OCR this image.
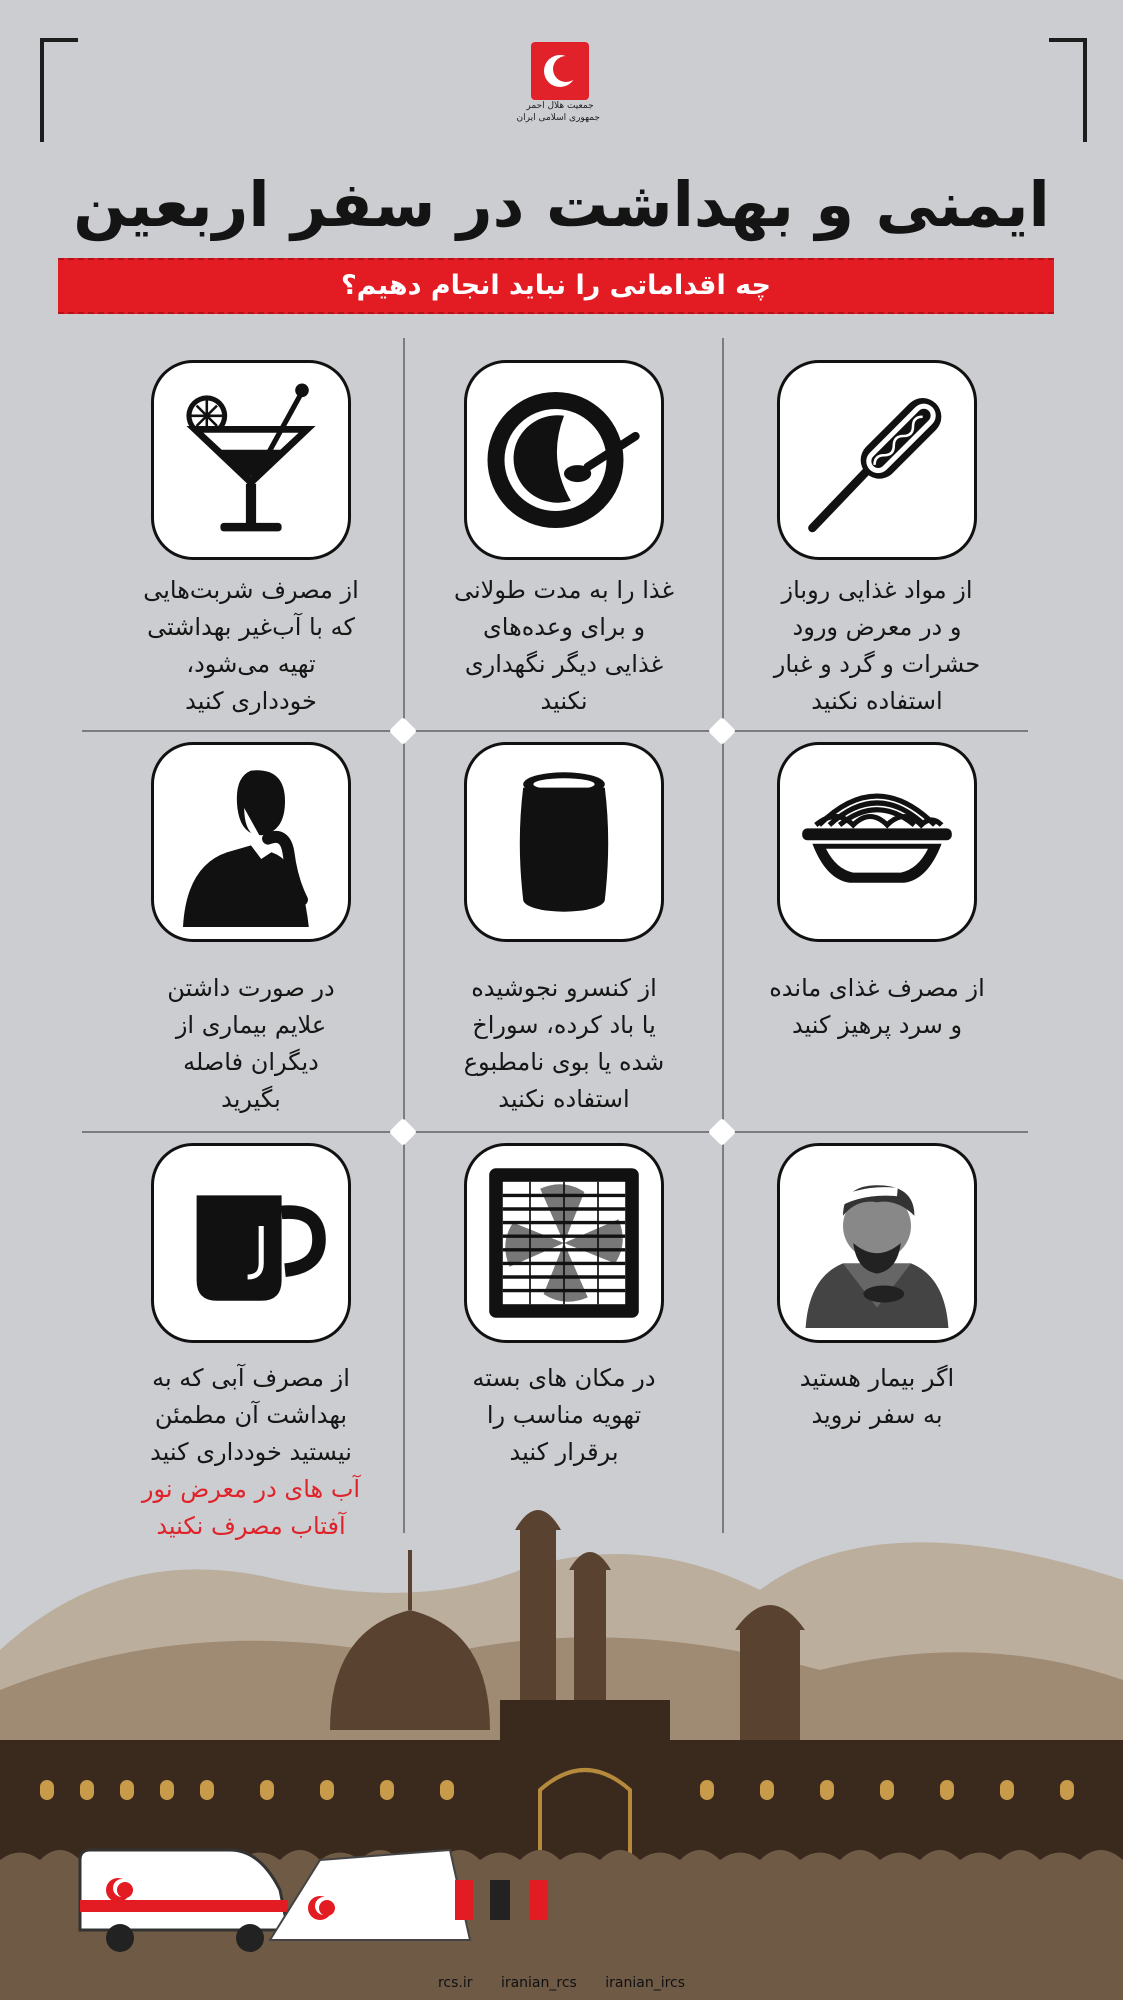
جمعیت هلال احمر
جمهوری اسلامی ایران
ایمنی و بهداشت در سفر اربعین
چه اقداماتی را نباید انجام دهیم؟
از مواد غذایی روباز
و در معرض ورود
حشرات و گرد و غبار
استفاده نکنید
غذا را به مدت طولانی
و برای وعده‌های
غذایی دیگر نگهداری
نکنید
از مصرف شربت‌هایی
که با آب‌غیر بهداشتی
تهیه می‌شود،
خودداری کنید
از مصرف غذای مانده
و سرد پرهیز کنید
از کنسرو نجوشیده
یا باد کرده، سوراخ
شده یا بوی نامطبوع
استفاده نکنید
در صورت داشتن
علایم بیماری از
دیگران فاصله
بگیرید
اگر بیمار هستید
به سفر نروید
در مکان های بسته
تهویه مناسب را
برقرار کنید
از مصرف آبی که به
بهداشت آن مطمئن
نیستید خودداری کنید
آب های در معرض نور
آفتاب مصرف نکنید
rcs.ir iranian_rcs iranian_ircs
